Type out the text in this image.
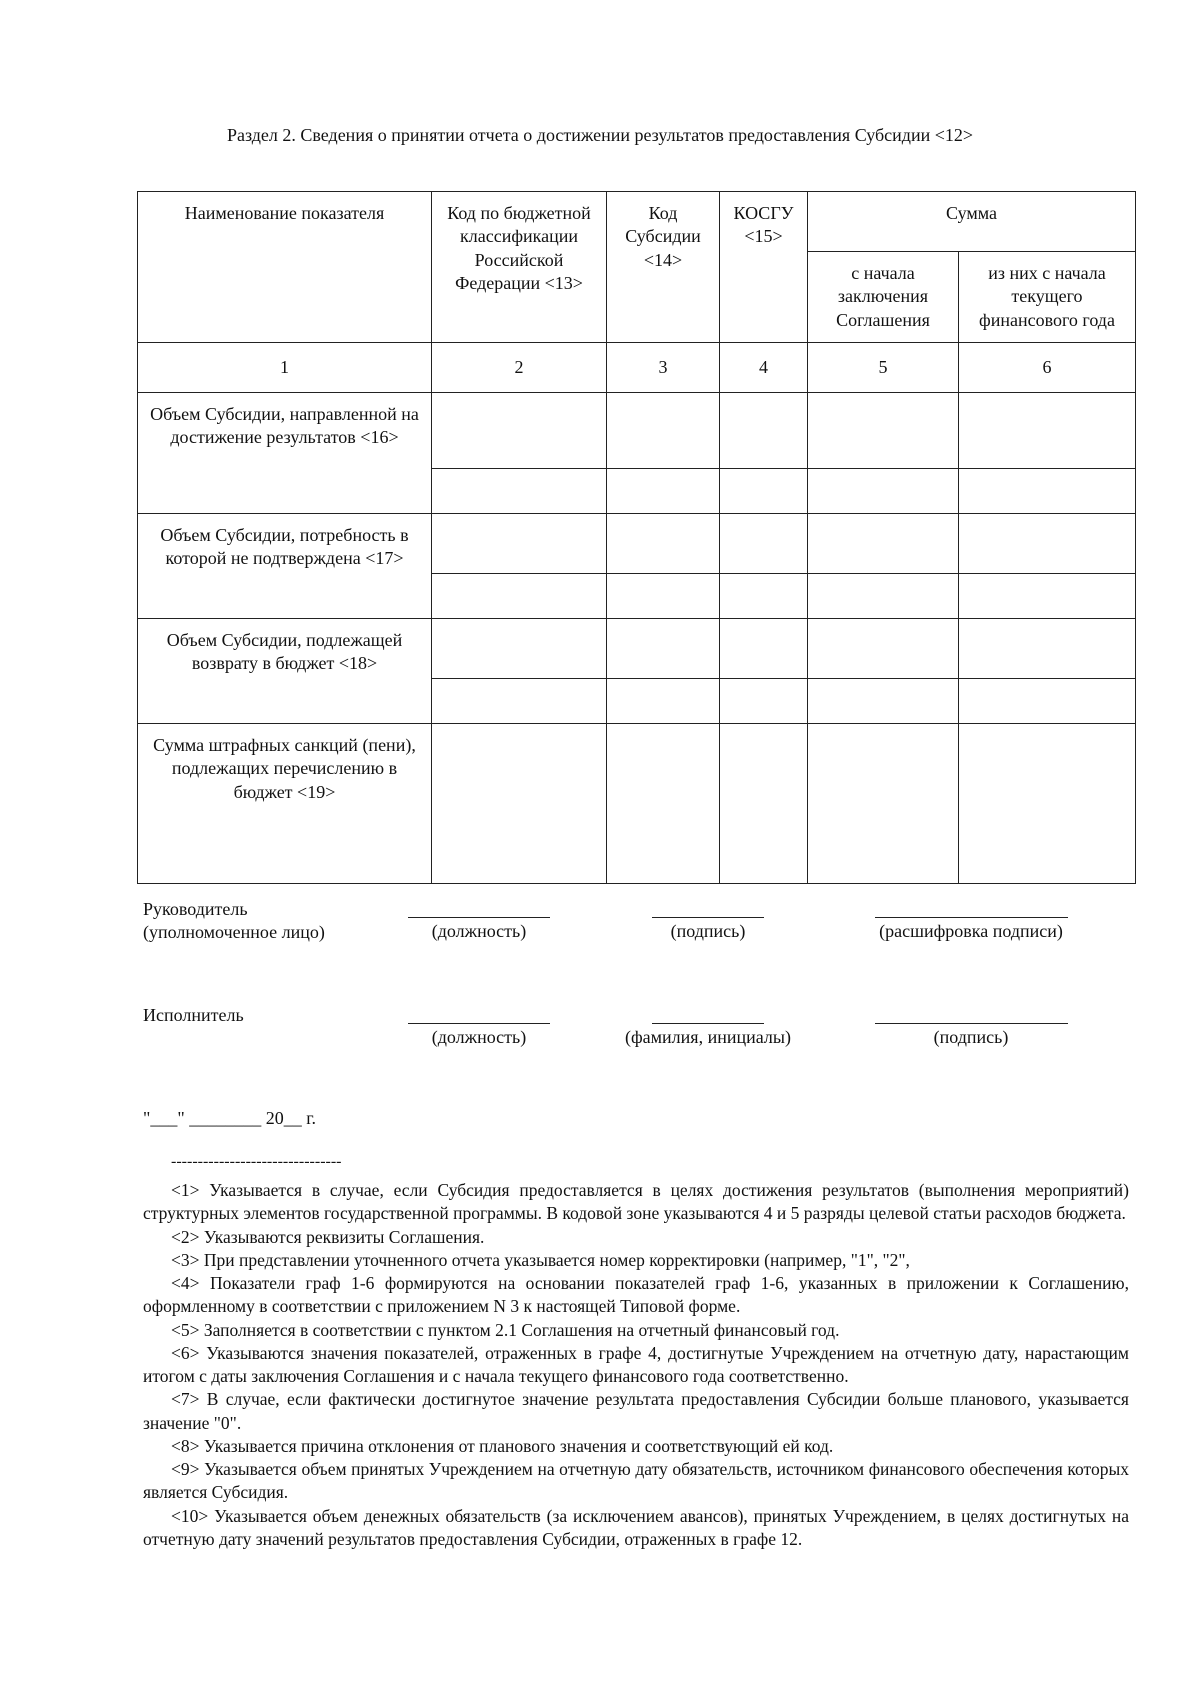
Раздел 2. Сведения о принятии отчета о достижении результатов предоставления Субсидии <12>
Наименование показателя	Код по бюджетной классификации Российской Федерации <13>	Код Субсидии <14>	КОСГУ <15>	Сумма	
				с начала заключения Соглашения	из них с начала текущего финансового года
1	2	3	4	5	6
Объем Субсидии, направленной на достижение результатов <16>					

Объем Субсидии, потребность в которой не подтверждена <17>					

Объем Субсидии, подлежащей возврату в бюджет <18>					

Сумма штрафных санкций (пени), подлежащих перечислению в бюджет <19>					
Руководитель (уполномоченное лицо)	(должность)	(подпись)	(расшифровка подписи)
Исполнитель
(должность)	(фамилия, инициалы)	(подпись)
"___" ________ 20__ г.
--------------------------------

<1> Указывается в случае, если Субсидия предоставляется в целях достижения результатов (выполнения мероприятий) структурных элементов государственной программы. В кодовой зоне указываются 4 и 5 разряды целевой статьи расходов бюджета.

<2> Указываются реквизиты Соглашения.

<3> При представлении уточненного отчета указывается номер корректировки (например, "1", "2",

<4> Показатели граф 1-6 формируются на основании показателей граф 1-6, указанных в приложении к Соглашению, оформленному в соответствии с приложением N 3 к настоящей Типовой форме.

<5> Заполняется в соответствии с пунктом 2.1 Соглашения на отчетный финансовый год.

<6> Указываются значения показателей, отраженных в графе 4, достигнутые Учреждением на отчетную дату, нарастающим итогом с даты заключения Соглашения и с начала текущего финансового года соответственно.

<7> В случае, если фактически достигнутое значение результата предоставления Субсидии больше планового, указывается значение "0".

<8> Указывается причина отклонения от планового значения и соответствующий ей код.

<9> Указывается объем принятых Учреждением на отчетную дату обязательств, источником финансового обеспечения которых является Субсидия.

<10> Указывается объем денежных обязательств (за исключением авансов), принятых Учреждением, в целях достигнутых на отчетную дату значений результатов предоставления Субсидии, отраженных в графе 12.
